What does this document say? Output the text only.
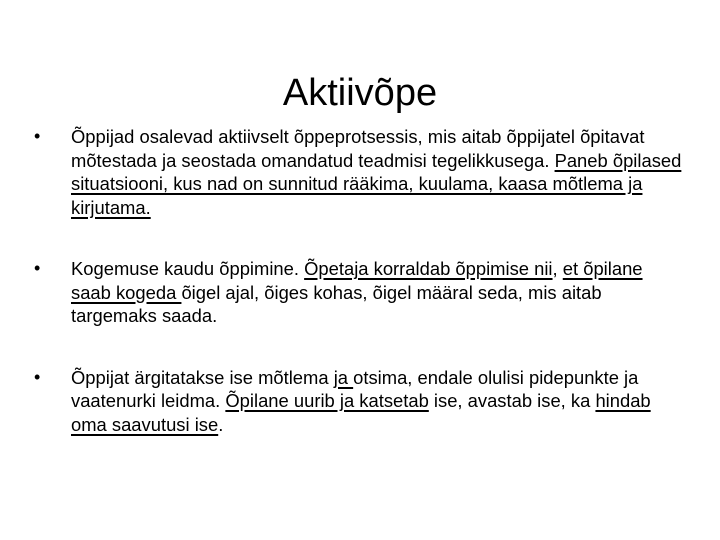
Aktiivõpe
•	Õppijad osalevad aktiivselt õppeprotsessis, mis aitab õppijatel õpitavat mõtestada ja seostada omandatud teadmisi tegelikkusega. Paneb õpilased situatsiooni, kus nad on sunnitud rääkima, kuulama, kaasa mõtlema ja kirjutama.
•	Kogemuse kaudu õppimine. Õpetaja korraldab õppimise nii, et õpilane saab kogeda õigel ajal, õiges kohas, õigel määral seda, mis aitab targemaks saada.
•	Õppijat ärgitatakse ise mõtlema ja otsima, endale olulisi pidepunkte ja vaatenurki leidma. Õpilane uurib ja katsetab ise, avastab ise, ka hindab oma saavutusi ise.
